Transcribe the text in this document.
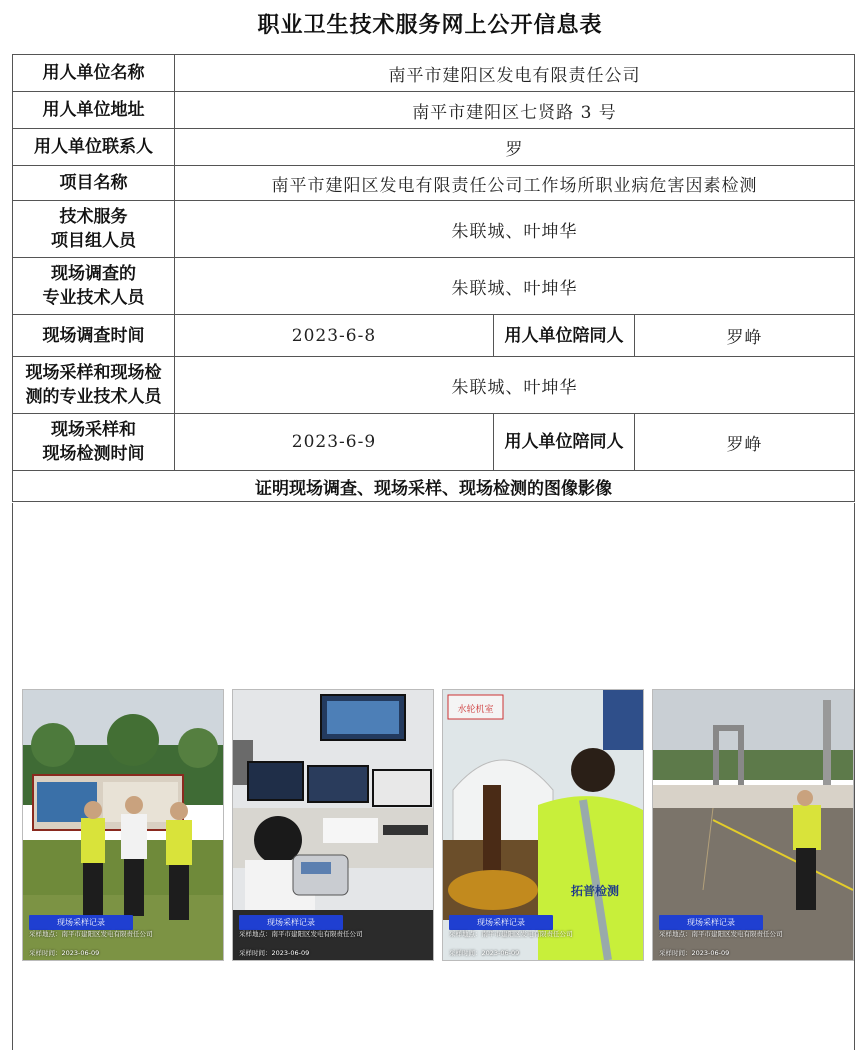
职业卫生技术服务网上公开信息表
用人单位名称	南平市建阳区发电有限责任公司		
用人单位地址	南平市建阳区七贤路 3 号		
用人单位联系人	罗		
项目名称	南平市建阳区发电有限责任公司工作场所职业病危害因素检测		
技术服务
项目组人员	朱联城、叶坤华		
现场调查的
专业技术人员	朱联城、叶坤华		
现场调查时间	2023-6-8	用人单位陪同人	罗峥
现场采样和现场检
测的专业技术人员	朱联城、叶坤华		
现场采样和
现场检测时间	2023-6-9	用人单位陪同人	罗峥
证明现场调查、现场采样、现场检测的图像影像			
现场采样记录
采样地点：南平市建阳区发电有限责任公司
采样时间：2023-06-09
现场采样记录
采样地点：南平市建阳区发电有限责任公司
采样时间：2023-06-09
水轮机室
拓普检测
现场采样记录
采样地点：南平市建阳区发电有限责任公司
采样时间：2023-06-09
现场采样记录
采样地点：南平市建阳区发电有限责任公司
采样时间：2023-06-09
